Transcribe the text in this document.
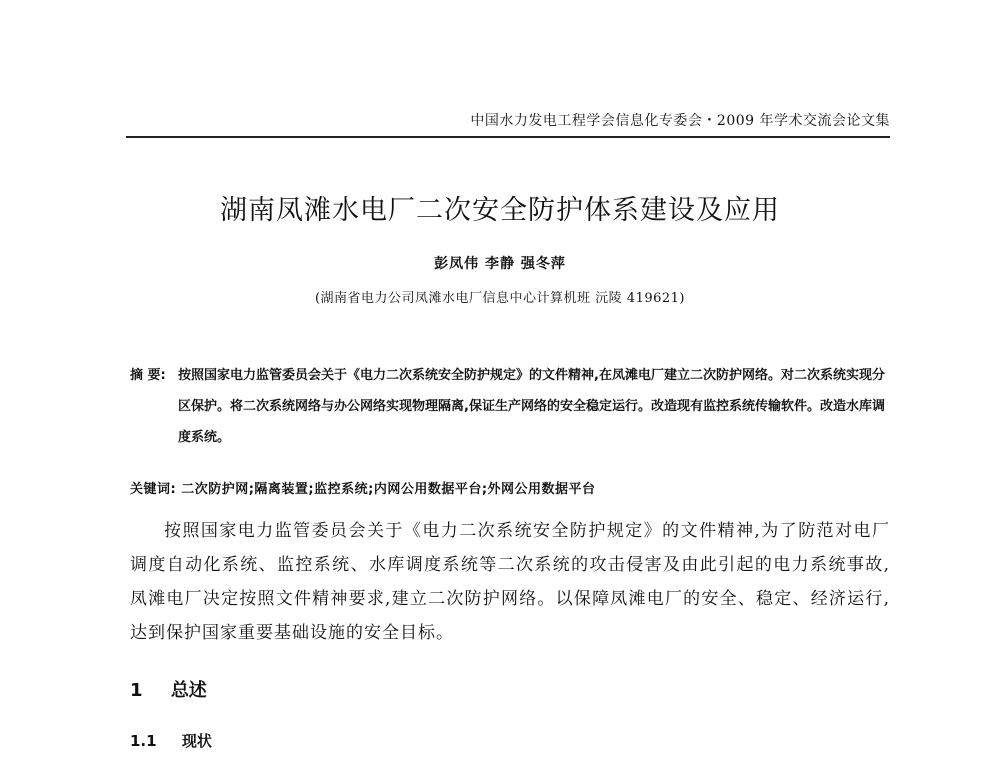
中国水力发电工程学会信息化专委会・2009 年学术交流会论文集
湖南凤滩水电厂二次安全防护体系建设及应用
彭凤伟 李静 强冬萍
(湖南省电力公司凤滩水电厂信息中心计算机班 沅陵 419621)
摘 要: 按照国家电力监管委员会关于《电力二次系统安全防护规定》的文件精神,在凤滩电厂建立二次防护网络。对二次系统实现分区保护。将二次系统网络与办公网络实现物理隔离,保证生产网络的安全稳定运行。改造现有监控系统传输软件。改造水库调度系统。
关键词: 二次防护网;隔离装置;监控系统;内网公用数据平台;外网公用数据平台
按照国家电力监管委员会关于《电力二次系统安全防护规定》的文件精神,为了防范对电厂调度自动化系统、监控系统、水库调度系统等二次系统的攻击侵害及由此引起的电力系统事故,凤滩电厂决定按照文件精神要求,建立二次防护网络。以保障凤滩电厂的安全、稳定、经济运行,达到保护国家重要基础设施的安全目标。
1 总述
1.1 现状
